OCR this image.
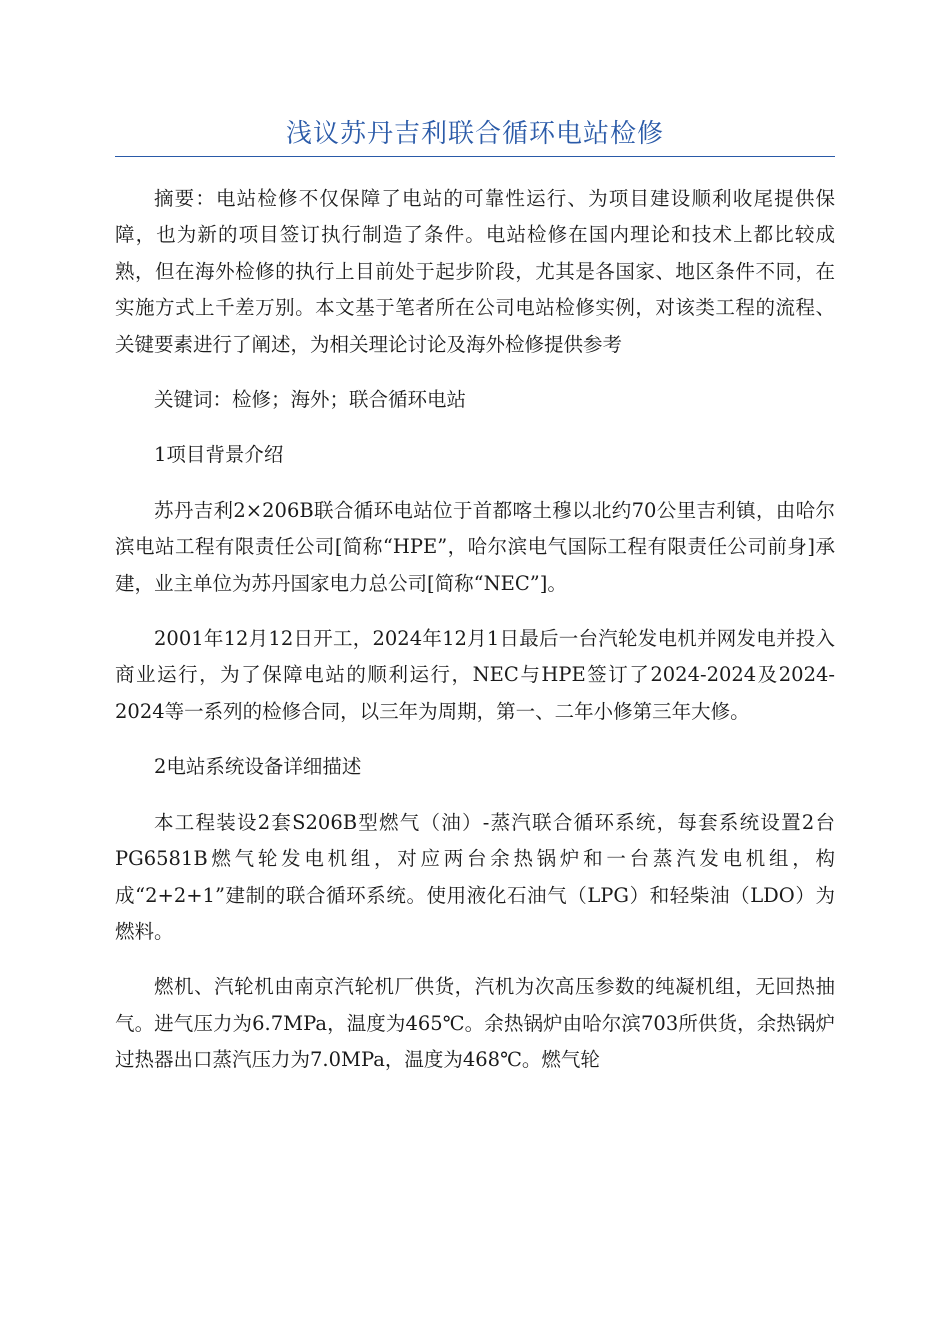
浅议苏丹吉利联合循环电站检修

摘要：电站检修不仅保障了电站的可靠性运行、为项目建设顺利收尾提供保障，也为新的项目签订执行制造了条件。电站检修在国内理论和技术上都比较成熟，但在海外检修的执行上目前处于起步阶段，尤其是各国家、地区条件不同，在实施方式上千差万别。本文基于笔者所在公司电站检修实例，对该类工程的流程、关键要素进行了阐述，为相关理论讨论及海外检修提供参考

关键词：检修；海外；联合循环电站

1项目背景介绍

苏丹吉利2×206B联合循环电站位于首都喀土穆以北约70公里吉利镇，由哈尔滨电站工程有限责任公司[简称“HPE”，哈尔滨电气国际工程有限责任公司前身]承建，业主单位为苏丹国家电力总公司[简称“NEC”]。

2001年12月12日开工，2024年12月1日最后一台汽轮发电机并网发电并投入商业运行，为了保障电站的顺利运行，NEC与HPE签订了2024-2024及2024-2024等一系列的检修合同，以三年为周期，第一、二年小修第三年大修。

2电站系统设备详细描述

本工程装设2套S206B型燃气（油）-蒸汽联合循环系统，每套系统设置2台PG6581B燃气轮发电机组，对应两台余热锅炉和一台蒸汽发电机组，构成“2+2+1”建制的联合循环系统。使用液化石油气（LPG）和轻柴油（LDO）为燃料。

燃机、汽轮机由南京汽轮机厂供货，汽机为次高压参数的纯凝机组，无回热抽气。进气压力为6.7MPa，温度为465℃。余热锅炉由哈尔滨703所供货，余热锅炉过热器出口蒸汽压力为7.0MPa，温度为468℃。燃气轮
